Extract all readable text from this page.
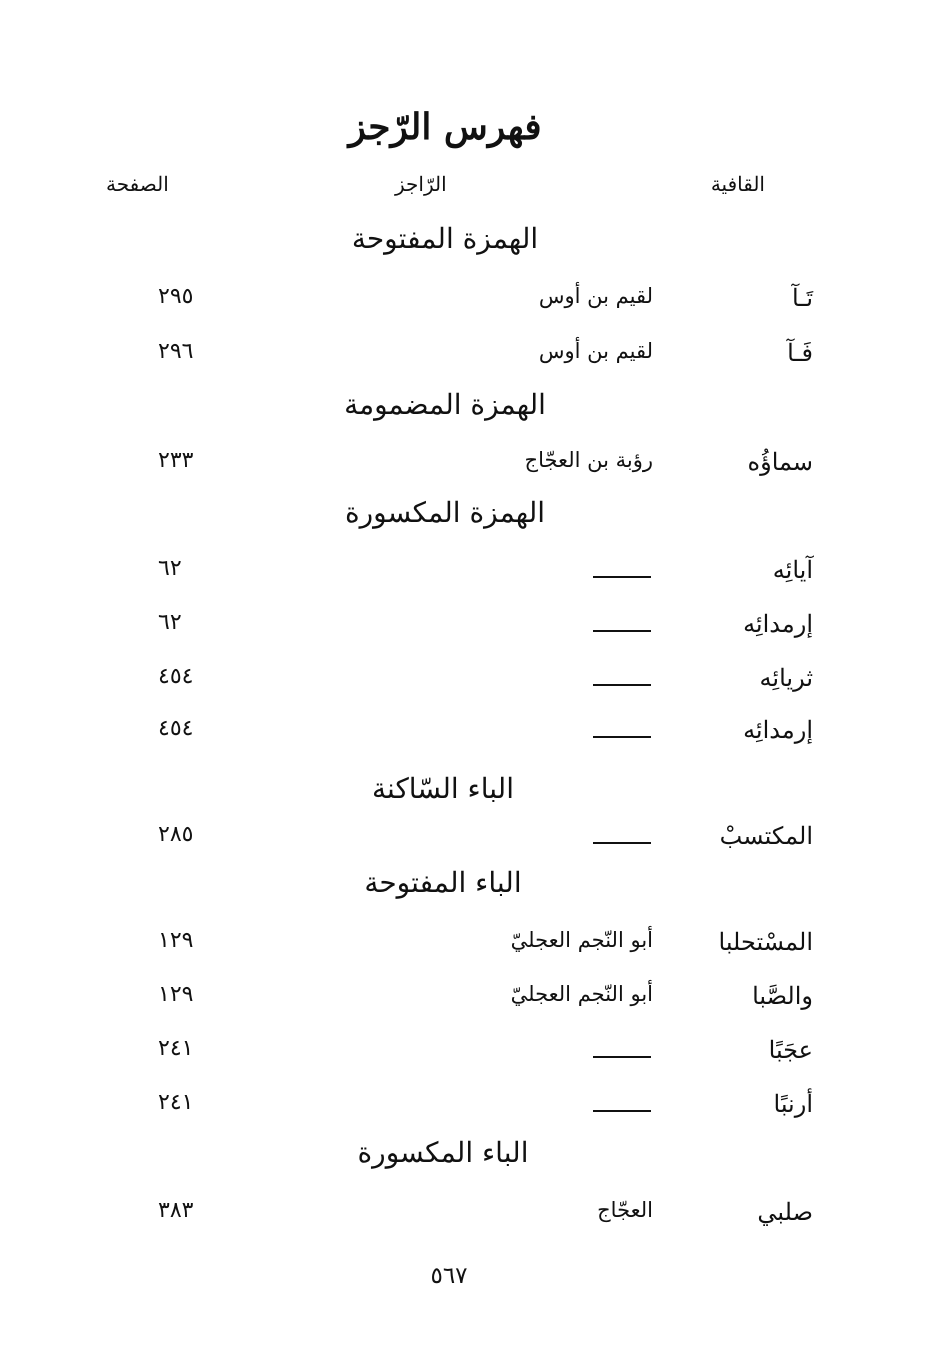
فهرس الرّجز
القافية
الرّاجز
الصفحة
الهمزة المفتوحة
تَـآ
لقيم بن أوس
٢٩٥
فَـآ
لقيم بن أوس
٢٩٦
الهمزة المضمومة
سماؤُه
رؤبة بن العجّاج
٢٣٣
الهمزة المكسورة
آيائِه
٦٢
إرمدائِه
٦٢
ثريائِه
٤٥٤
إرمدائِه
٤٥٤
الباء السّاكنة
المكتسبْ
٢٨٥
الباء المفتوحة
المسْتحلبا
أبو النّجم العجليّ
١٢٩
والصَّبا
أبو النّجم العجليّ
١٢٩
عجَبًا
٢٤١
أرنبًا
٢٤١
الباء المكسورة
صلبي
العجّاج
٣٨٣
٥٦٧
